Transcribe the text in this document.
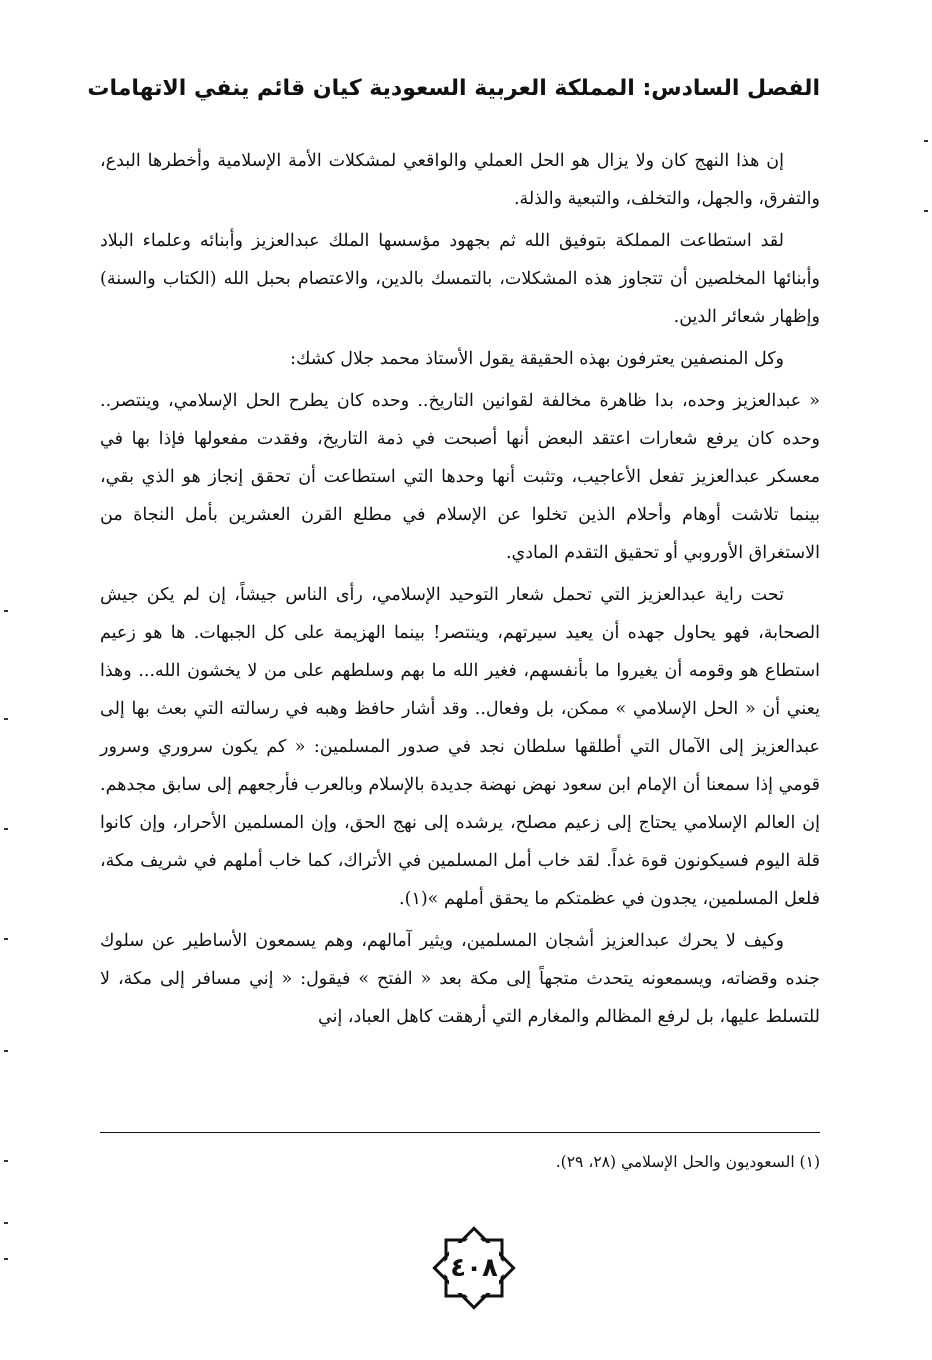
الفصل السادس: المملكة العربية السعودية كيان قائم ينفي الاتهامات

إن هذا النهج كان ولا يزال هو الحل العملي والواقعي لمشكلات الأمة الإسلامية وأخطرها البدع، والتفرق، والجهل، والتخلف، والتبعية والذلة.

لقد استطاعت المملكة بتوفيق الله ثم بجهود مؤسسها الملك عبدالعزيز وأبنائه وعلماء البلاد وأبنائها المخلصين أن تتجاوز هذه المشكلات، بالتمسك بالدين، والاعتصام بحبل الله (الكتاب والسنة) وإظهار شعائر الدين.

وكل المنصفين يعترفون بهذه الحقيقة يقول الأستاذ محمد جلال كشك:

« عبدالعزيز وحده، بدا ظاهرة مخالفة لقوانين التاريخ.. وحده كان يطرح الحل الإسلامي، وينتصر.. وحده كان يرفع شعارات اعتقد البعض أنها أصبحت في ذمة التاريخ، وفقدت مفعولها فإذا بها في معسكر عبدالعزيز تفعل الأعاجيب، وتثبت أنها وحدها التي استطاعت أن تحقق إنجاز هو الذي بقي، بينما تلاشت أوهام وأحلام الذين تخلوا عن الإسلام في مطلع القرن العشرين بأمل النجاة من الاستغراق الأوروبي أو تحقيق التقدم المادي.

تحت راية عبدالعزيز التي تحمل شعار التوحيد الإسلامي، رأى الناس جيشاً، إن لم يكن جيش الصحابة، فهو يحاول جهده أن يعيد سيرتهم، وينتصر! بينما الهزيمة على كل الجبهات. ها هو زعيم استطاع هو وقومه أن يغيروا ما بأنفسهم، فغير الله ما بهم وسلطهم على من لا يخشون الله... وهذا يعني أن « الحل الإسلامي » ممكن، بل وفعال.. وقد أشار حافظ وهبه في رسالته التي بعث بها إلى عبدالعزيز إلى الآمال التي أطلقها سلطان نجد في صدور المسلمين: « كم يكون سروري وسرور قومي إذا سمعنا أن الإمام ابن سعود نهض نهضة جديدة بالإسلام وبالعرب فأرجعهم إلى سابق مجدهم. إن العالم الإسلامي يحتاج إلى زعيم مصلح، يرشده إلى نهج الحق، وإن المسلمين الأحرار، وإن كانوا قلة اليوم فسيكونون قوة غداً. لقد خاب أمل المسلمين في الأتراك، كما خاب أملهم في شريف مكة، فلعل المسلمين، يجدون في عظمتكم ما يحقق أملهم »(١).

وكيف لا يحرك عبدالعزيز أشجان المسلمين، ويثير آمالهم، وهم يسمعون الأساطير عن سلوك جنده وقضاته، ويسمعونه يتحدث متجهاً إلى مكة بعد « الفتح » فيقول: « إني مسافر إلى مكة، لا للتسلط عليها، بل لرفع المظالم والمغارم التي أرهقت كاهل العباد، إني

(١) السعوديون والحل الإسلامي (٢٨، ٢٩).
٤٠٨
